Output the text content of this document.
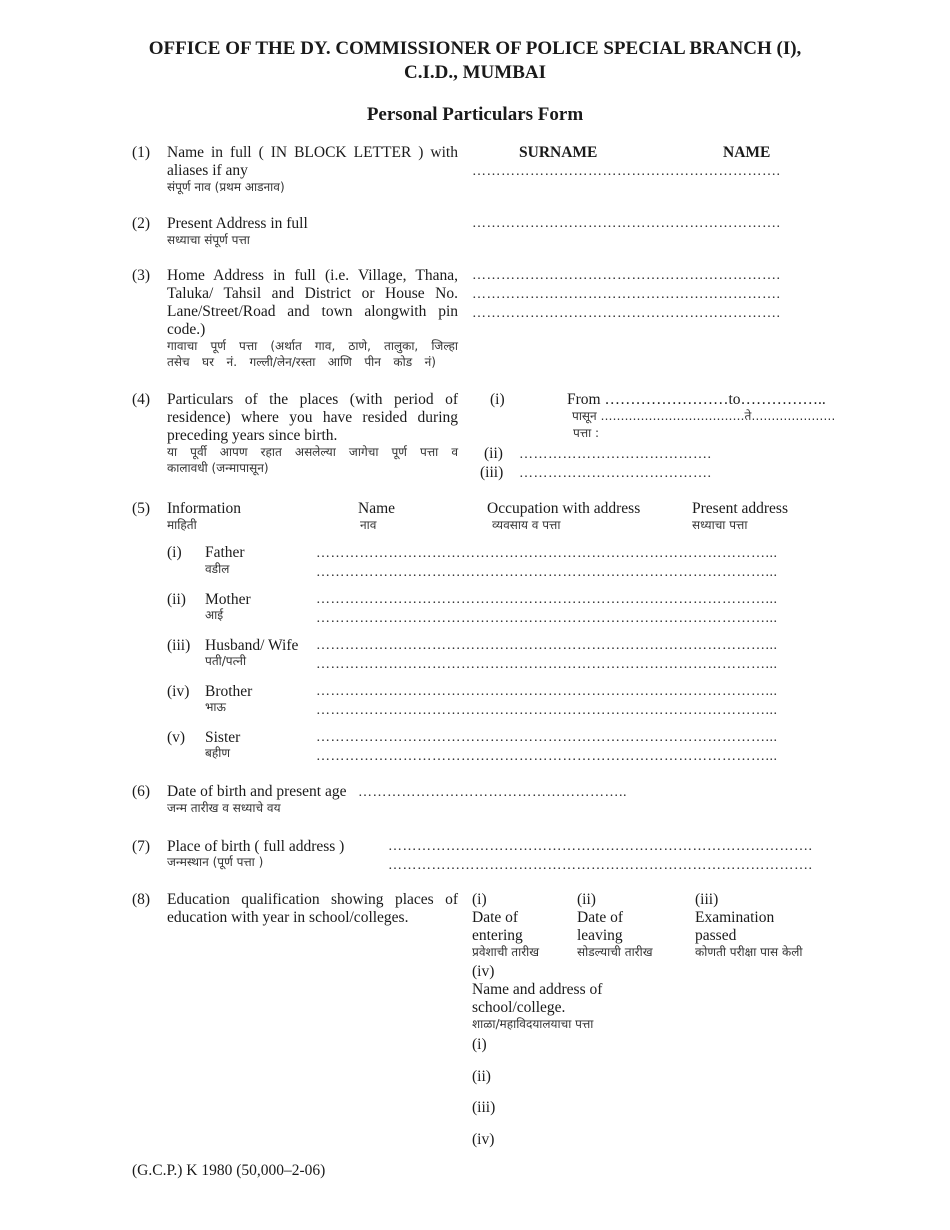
OFFICE OF THE DY. COMMISSIONER OF POLICE SPECIAL BRANCH (I),
C.I.D., MUMBAI
Personal Particulars Form
(1) Name in full ( IN BLOCK LETTER ) with
aliases if any
संपूर्ण नाव (प्रथम आडनाव)
SURNAME	NAME
……………………………………………………….
(2) Present Address in full
सध्याचा संपूर्ण पत्ता
……………………………………………………….
(3) Home Address in full (i.e. Village, Thana,
Taluka/ Tahsil and District or House No.
Lane/Street/Road and town alongwith pin
code.)
गावाचा पूर्ण पत्ता (अर्थात गाव, ठाणे, तालुका, जिल्हा
तसेच घर नं. गल्ली/लेन/रस्ता आणि पीन कोड नं)
……………………………………………………….
……………………………………………………….
……………………………………………………….
(4) Particulars of the places (with period of
residence) where you have resided during
preceding years since birth.
या पूर्वी आपण रहात असलेल्या जागेचा पूर्ण पत्ता व
कालावधी (जन्मापासून)
(i)	From ……………………to……………..
पासून ………………………………ते…………………
पत्ता :
(ii) ………………………………….
(iii) ………………………………….
(5) Information
माहिती
Name
नाव
Occupation with address
व्यवसाय व पत्ता
Present address
सध्याचा पत्ता
(i) Father
वडील
…………………………………………………………………………………...
…………………………………………………………………………………...
(ii) Mother
आई
…………………………………………………………………………………...
…………………………………………………………………………………...
(iii) Husband/ Wife
पती/पत्नी
…………………………………………………………………………………...
…………………………………………………………………………………...
(iv) Brother
भाऊ
…………………………………………………………………………………...
…………………………………………………………………………………...
(v) Sister
बहीण
…………………………………………………………………………………...
…………………………………………………………………………………...
(6) Date of birth and present age ………………………………………………..
जन्म तारीख व सध्याचे वय
(7) Place of birth ( full address )
जन्मस्थान (पूर्ण पत्ता )
…………………………………………………………………………….
…………………………………………………………………………….
(8) Education qualification showing places of
education with year in school/colleges.
(i)
Date of
entering
प्रवेशाची तारीख
(ii)
Date of
leaving
सोडल्याची तारीख
(iii)
Examination
passed
कोणती परीक्षा पास केली
(iv)
Name and address of
school/college.
शाळा/महाविदयालयाचा पत्ता
(i)
(ii)
(iii)
(iv)
(G.C.P.) K 1980 (50,000–2-06)
